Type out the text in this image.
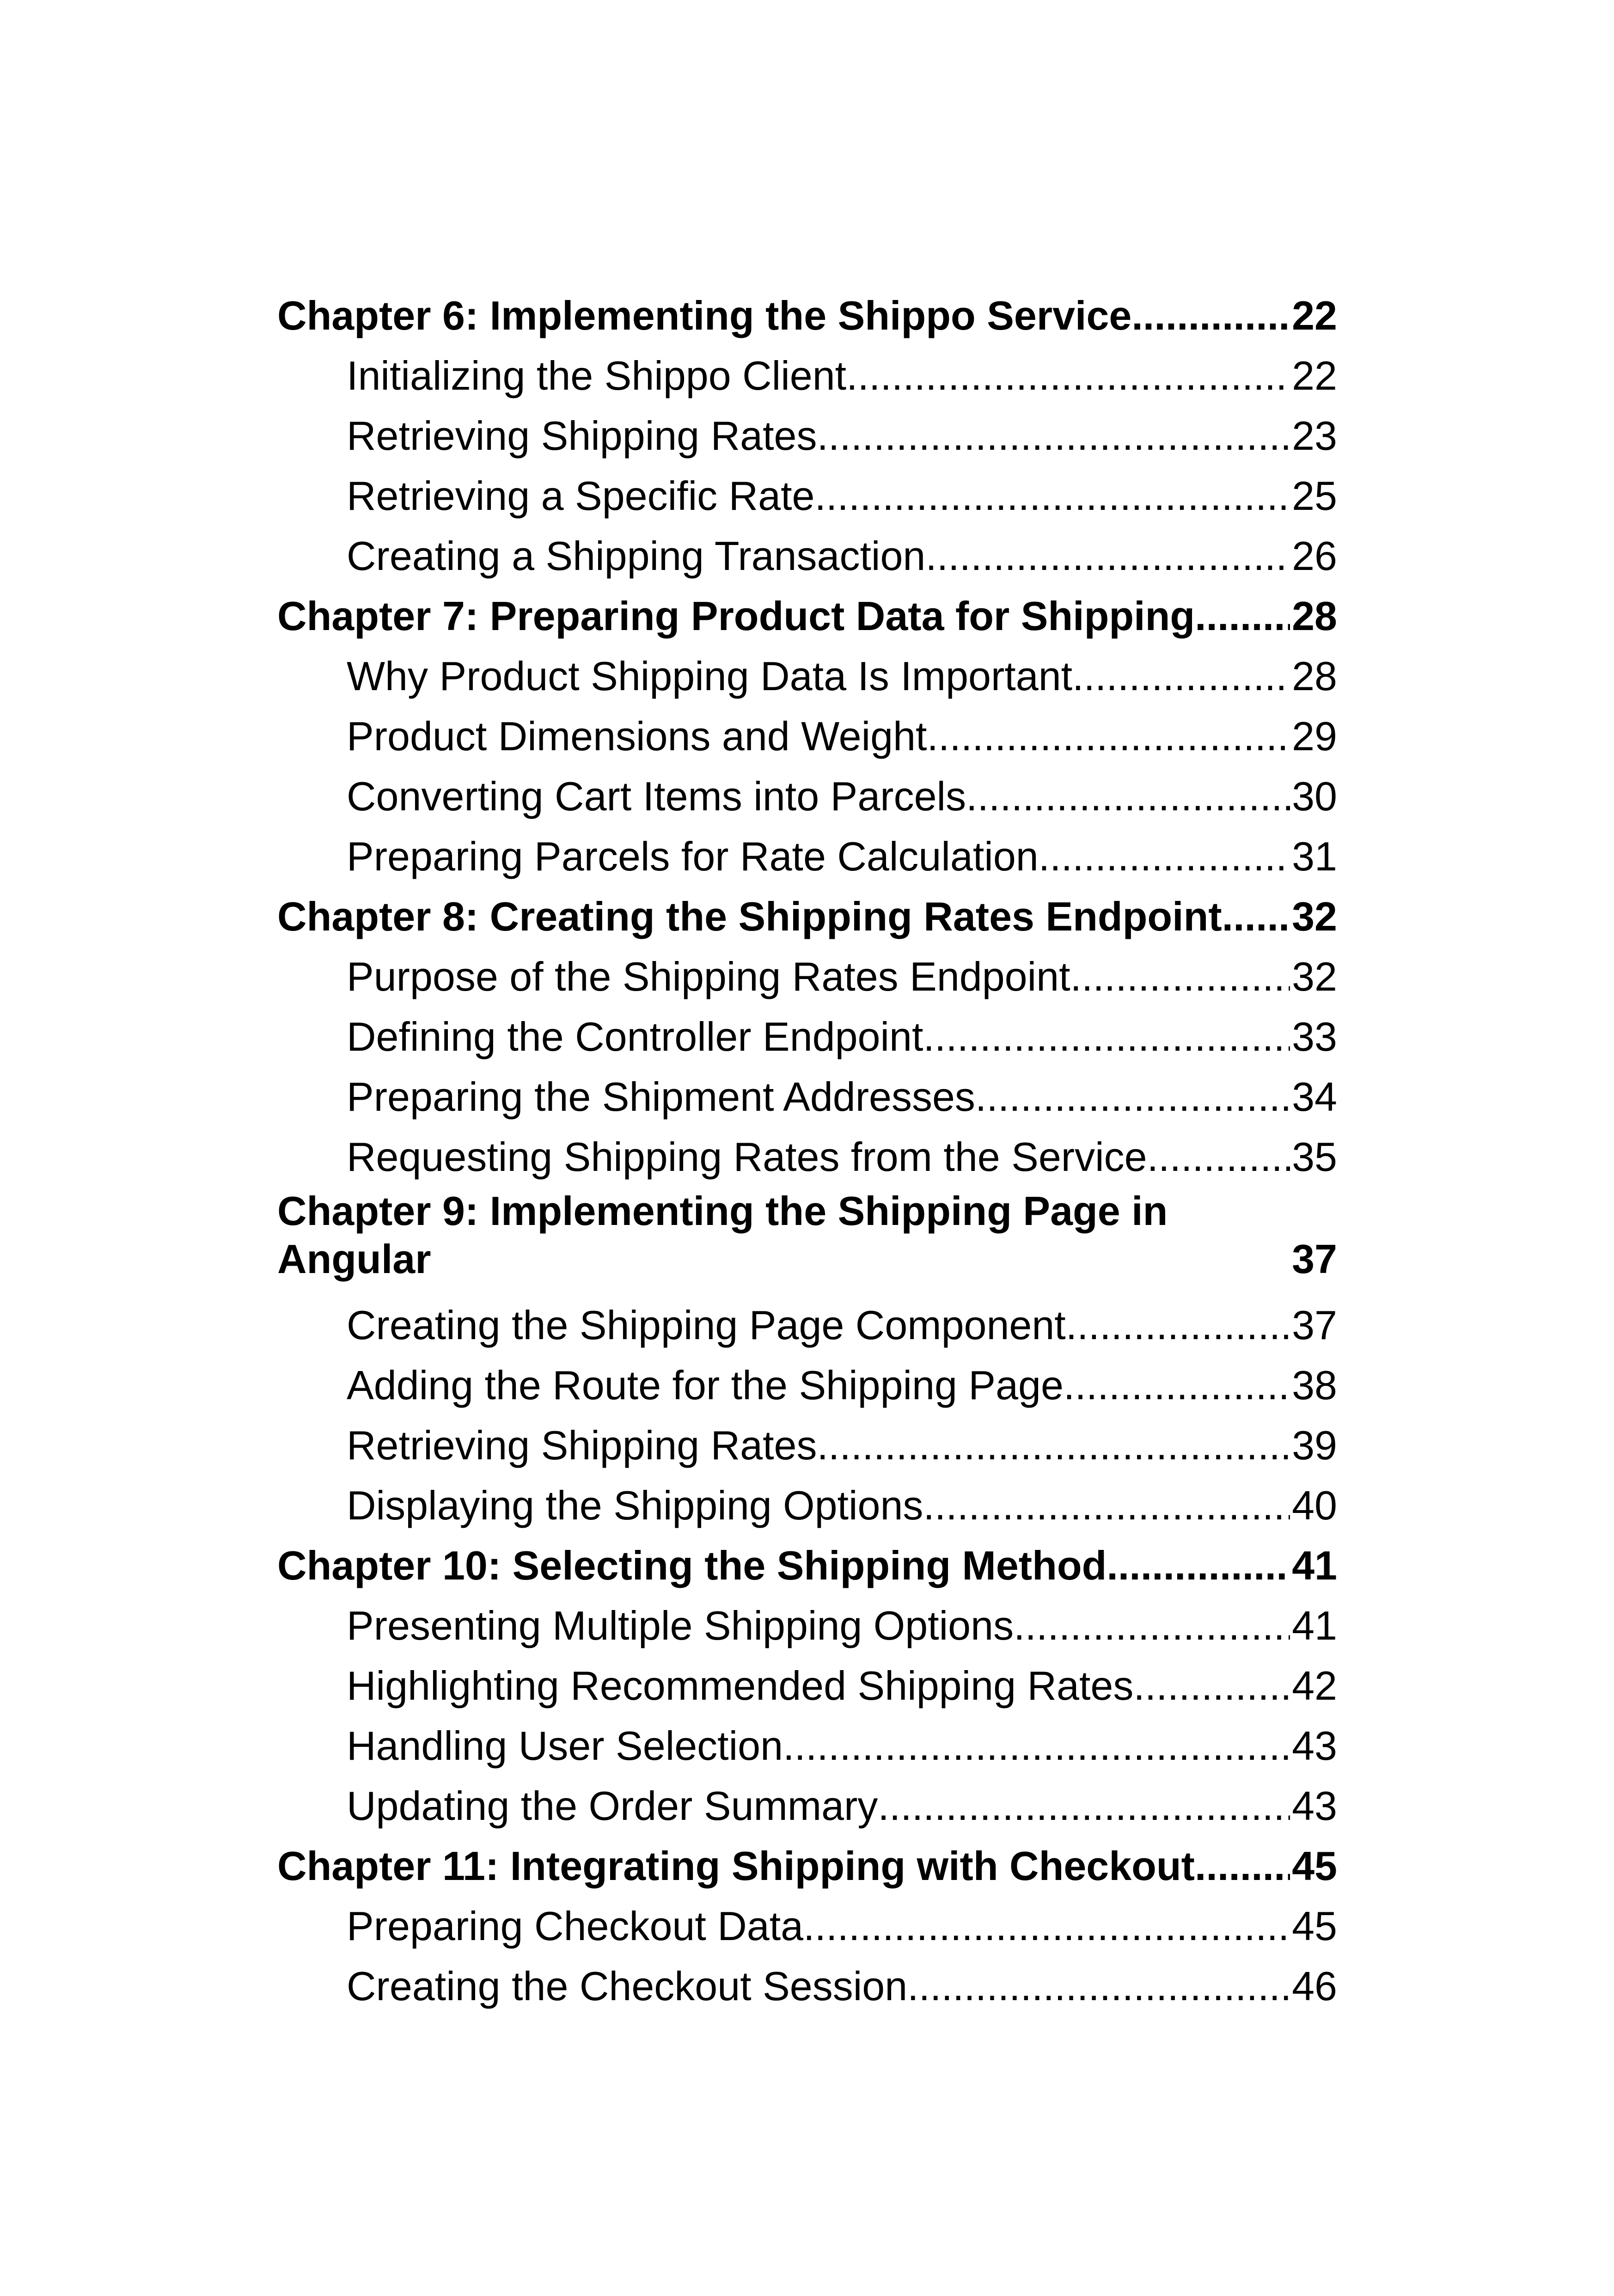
Chapter 6: Implementing the Shippo Service .....	22
Initializing the Shippo Client .....	22
Retrieving Shipping Rates .....	23
Retrieving a Specific Rate .....	25
Creating a Shipping Transaction .....	26
Chapter 7: Preparing Product Data for Shipping ..... 28
Why Product Shipping Data Is Important .....	28
Product Dimensions and Weight .....	29
Converting Cart Items into Parcels .....	30
Preparing Parcels for Rate Calculation .....	31
Chapter 8: Creating the Shipping Rates Endpoint ..... 32
Purpose of the Shipping Rates Endpoint .....	32
Defining the Controller Endpoint .....	33
Preparing the Shipment Addresses .....	34
Requesting Shipping Rates from the Service .....	35
Chapter 9: Implementing the Shipping Page in
Angular	37
Creating the Shipping Page Component .....	37
Adding the Route for the Shipping Page .....	38
Retrieving Shipping Rates .....	39
Displaying the Shipping Options .....	40
Chapter 10: Selecting the Shipping Method .....	41
Presenting Multiple Shipping Options .....	41
Highlighting Recommended Shipping Rates .....	42
Handling User Selection .....	43
Updating the Order Summary .....	43
Chapter 11: Integrating Shipping with Checkout ..... 45
Preparing Checkout Data .....	45
Creating the Checkout Session .....	46
